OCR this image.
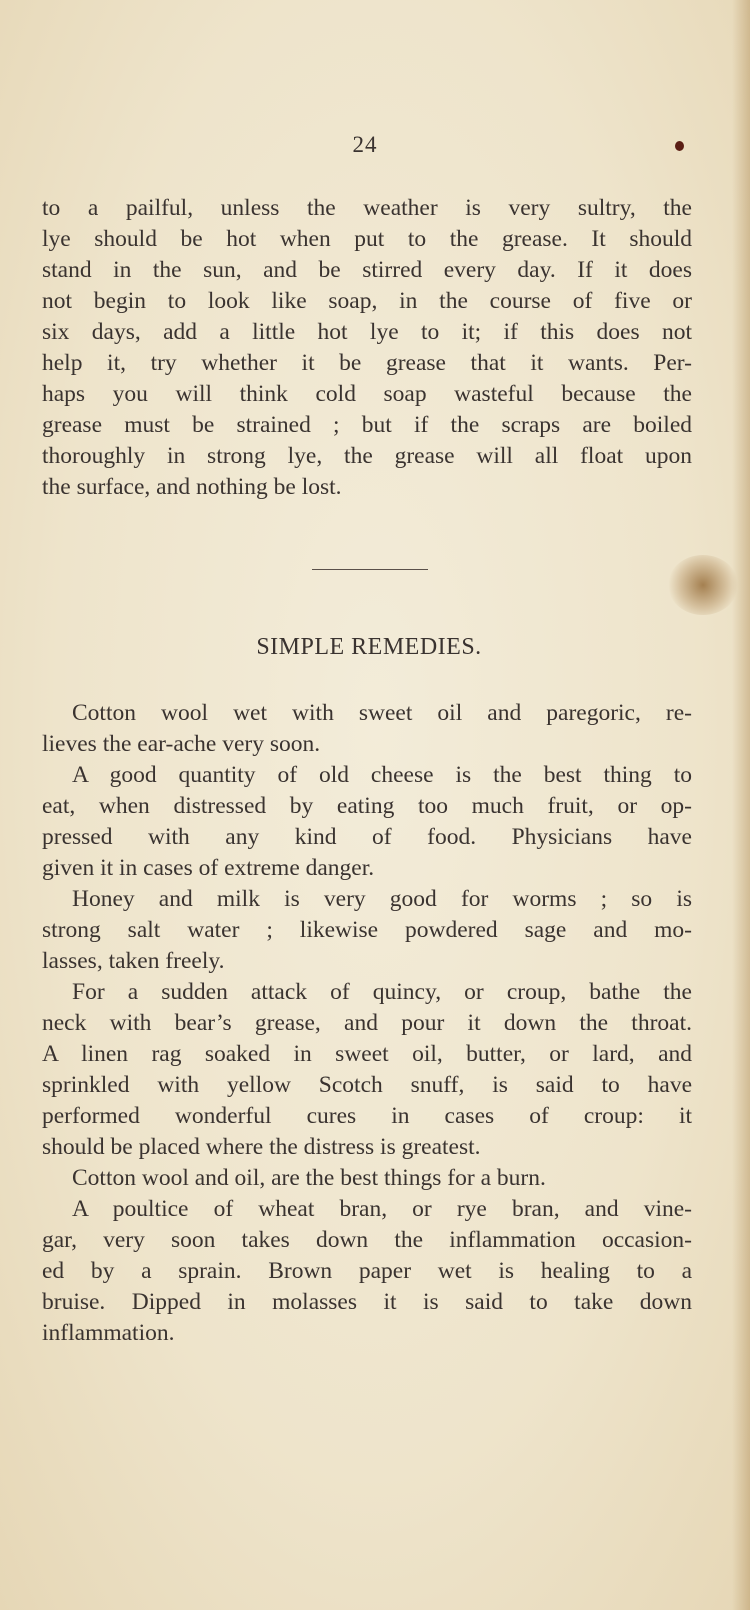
24
to a pailful, unless the weather is very sultry, the
lye should be hot when put to the grease. It should
stand in the sun, and be stirred every day. If it does
not begin to look like soap, in the course of five or
six days, add a little hot lye to it; if this does not
help it, try whether it be grease that it wants. Per-
haps you will think cold soap wasteful because the
grease must be strained ; but if the scraps are boiled
thoroughly in strong lye, the grease will all float upon
the surface, and nothing be lost.
SIMPLE REMEDIES.
Cotton wool wet with sweet oil and paregoric, re-
lieves the ear-ache very soon.
A good quantity of old cheese is the best thing to
eat, when distressed by eating too much fruit, or op-
pressed with any kind of food. Physicians have
given it in cases of extreme danger.
Honey and milk is very good for worms ; so is
strong salt water ; likewise powdered sage and mo-
lasses, taken freely.
For a sudden attack of quincy, or croup, bathe the
neck with bear’s grease, and pour it down the throat.
A linen rag soaked in sweet oil, butter, or lard, and
sprinkled with yellow Scotch snuff, is said to have
performed wonderful cures in cases of croup: it
should be placed where the distress is greatest.
Cotton wool and oil, are the best things for a burn.
A poultice of wheat bran, or rye bran, and vine-
gar, very soon takes down the inflammation occasion-
ed by a sprain. Brown paper wet is healing to a
bruise. Dipped in molasses it is said to take down
inflammation.
